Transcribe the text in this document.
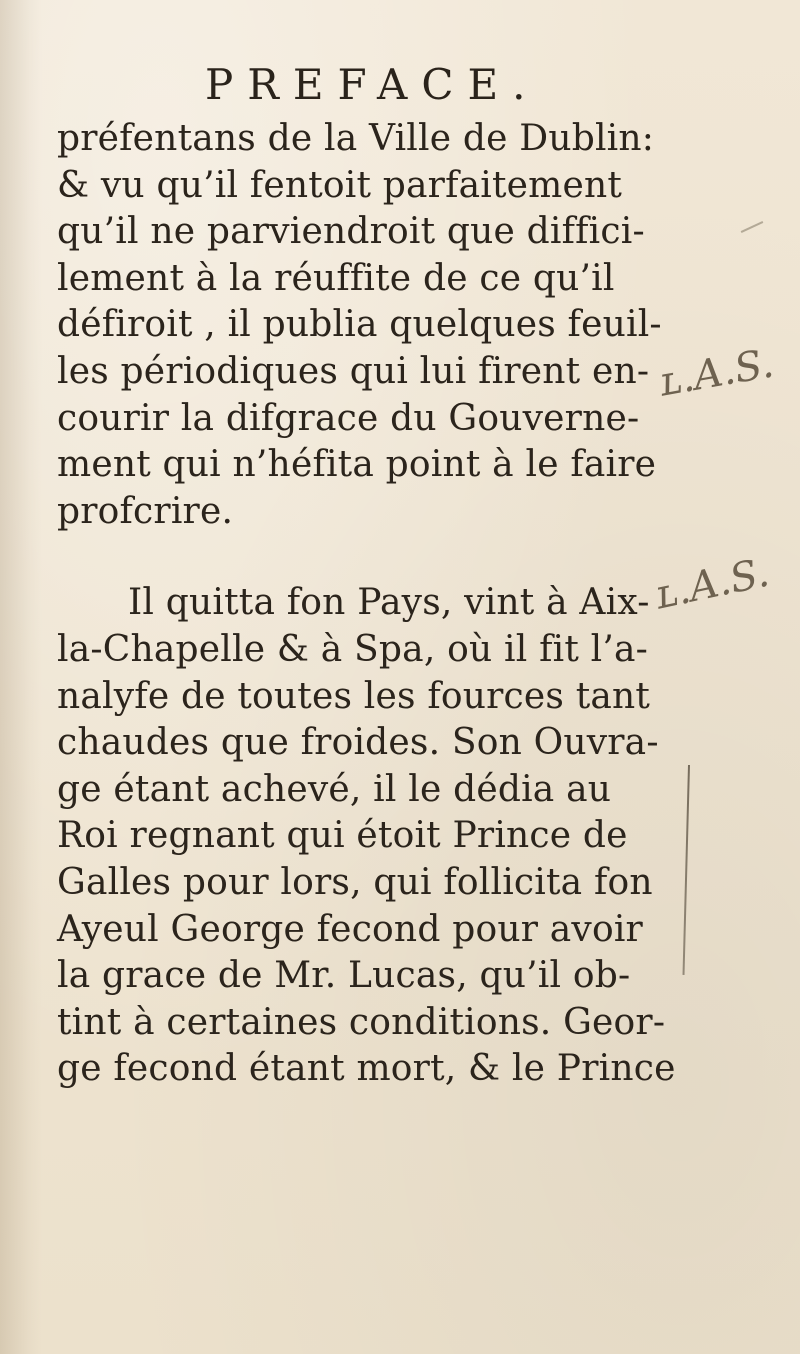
PREFACE.
préfentans de la Ville de Dublin:
& vu qu’il fentoit parfaitement
qu’il ne parviendroit que diffici-
lement à la réuffite de ce qu’il
défiroit , il publia quelques feuil-
les périodiques qui lui firent en-
courir la difgrace du Gouverne-
ment qui n’héfita point à le faire
profcrire.
Il quitta fon Pays, vint à Aix-
la-Chapelle & à Spa, où il fit l’a-
nalyfe de toutes les fources tant
chaudes que froides. Son Ouvra-
ge étant achevé, il le dédia au
Roi regnant qui étoit Prince de
Galles pour lors, qui follicita fon
Ayeul George fecond pour avoir
la grace de Mr. Lucas, qu’il ob-
tint à certaines conditions. Geor-
ge fecond étant mort, & le Prince
ʟ.A.S.
ʟ.A.S.
